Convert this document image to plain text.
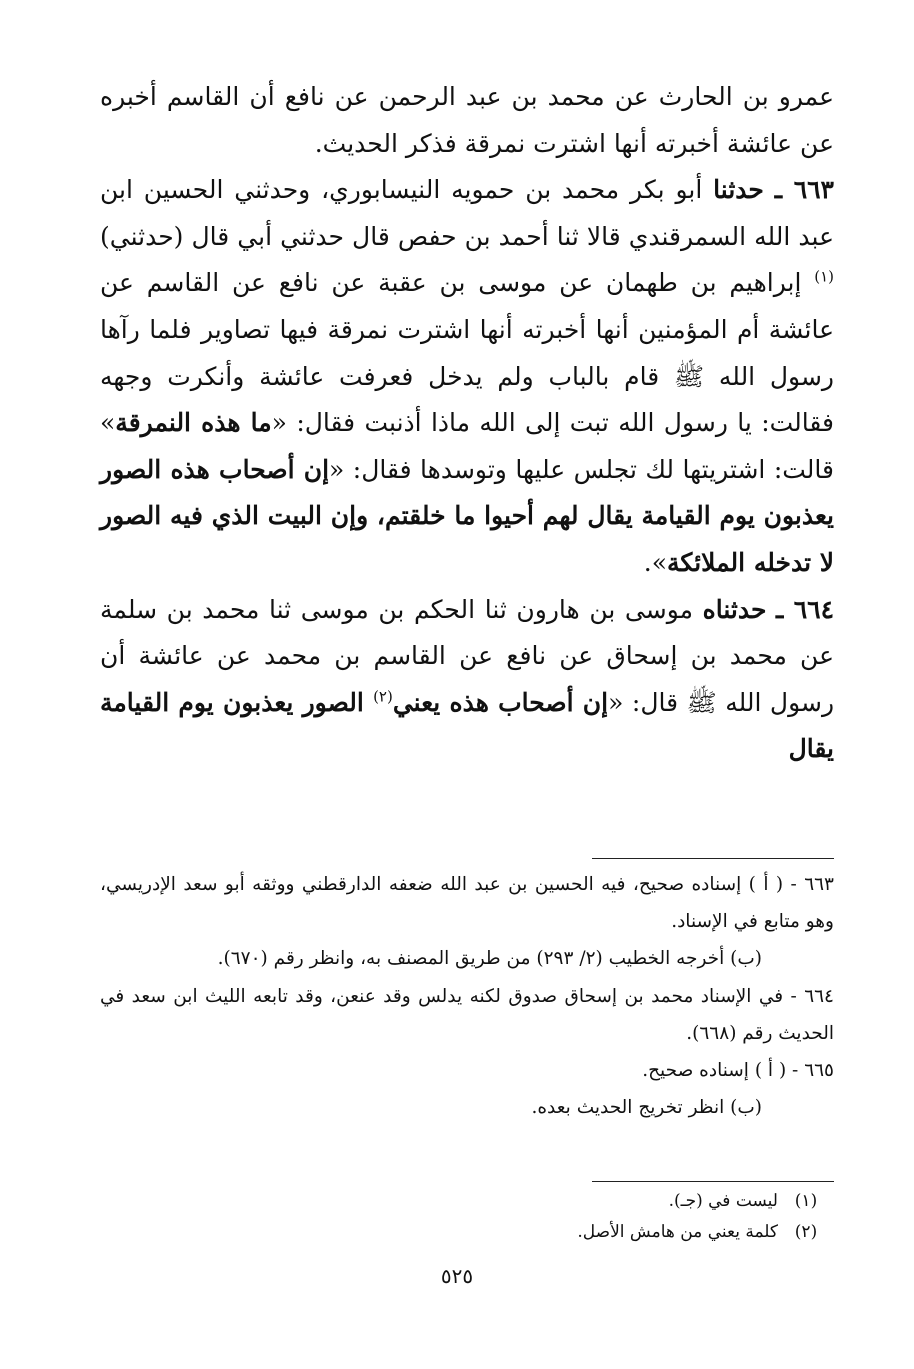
عمرو بن الحارث عن محمد بن عبد الرحمن عن نافع أن القاسم أخبره عن عائشة أخبرته أنها اشترت نمرقة فذكر الحديث.

٦٦٣ ـ حدثنا أبو بكر محمد بن حمويه النيسابوري، وحدثني الحسين ابن عبد الله السمرقندي قالا ثنا أحمد بن حفص قال حدثني أبي قال (حدثني)$^{(١)}$ إبراهيم بن طهمان عن موسى بن عقبة عن نافع عن القاسم عن عائشة أم المؤمنين أنها أخبرته أنها اشترت نمرقة فيها تصاوير فلما رآها رسول الله ﷺ قام بالباب ولم يدخل فعرفت عائشة وأنكرت وجهه فقالت: يا رسول الله تبت إلى الله ماذا أذنبت فقال: «ما هذه النمرقة» قالت: اشتريتها لك تجلس عليها وتوسدها فقال: «إن أصحاب هذه الصور يعذبون يوم القيامة يقال لهم أحيوا ما خلقتم، وإن البيت الذي فيه الصور لا تدخله الملائكة».

٦٦٤ ـ حدثناه موسى بن هارون ثنا الحكم بن موسى ثنا محمد بن سلمة عن محمد بن إسحاق عن نافع عن القاسم بن محمد عن عائشة أن رسول الله ﷺ قال: «إن أصحاب هذه يعني$^{(٢)}$ الصور يعذبون يوم القيامة يقال

٦٦٣ - ( أ ) إسناده صحيح، فيه الحسين بن عبد الله ضعفه الدارقطني ووثقه أبو سعد الإدريسي، وهو متابع في الإسناد.

(ب) أخرجه الخطيب (٢/ ٢٩٣) من طريق المصنف به، وانظر رقم (٦٧٠).

٦٦٤ - في الإسناد محمد بن إسحاق صدوق لكنه يدلس وقد عنعن، وقد تابعه الليث ابن سعد في الحديث رقم (٦٦٨).

٦٦٥ - ( أ ) إسناده صحيح.

(ب) انظر تخريج الحديث بعده.

(١)
ليست في (جـ).
(٢)
كلمة يعني من هامش الأصل.
٥٢٥
